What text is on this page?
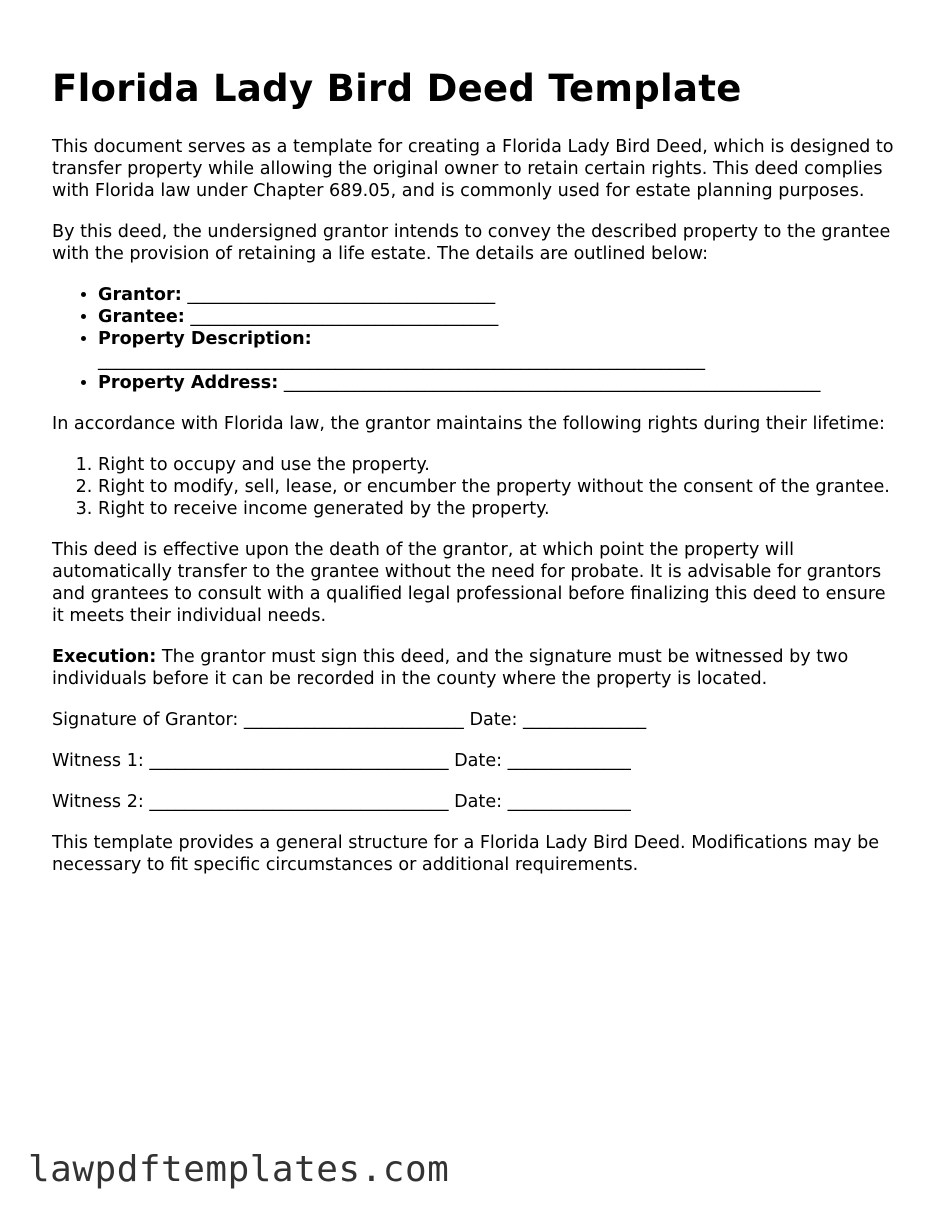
Florida Lady Bird Deed Template

This document serves as a template for creating a Florida Lady Bird Deed, which is designed to transfer property while allowing the original owner to retain certain rights. This deed complies with Florida law under Chapter 689.05, and is commonly used for estate planning purposes.

By this deed, the undersigned grantor intends to convey the described property to the grantee with the provision of retaining a life estate. The details are outlined below:

• Grantor: ___________________________________
• Grantee: ___________________________________
• Property Description:
_____________________________________________________________________
• Property Address: _____________________________________________________________

In accordance with Florida law, the grantor maintains the following rights during their lifetime:

1. Right to occupy and use the property.
2. Right to modify, sell, lease, or encumber the property without the consent of the grantee.
3. Right to receive income generated by the property.

This deed is effective upon the death of the grantor, at which point the property will automatically transfer to the grantee without the need for probate. It is advisable for grantors and grantees to consult with a qualified legal professional before finalizing this deed to ensure it meets their individual needs.

Execution: The grantor must sign this deed, and the signature must be witnessed by two individuals before it can be recorded in the county where the property is located.

Signature of Grantor: _________________________ Date: ______________

Witness 1: __________________________________ Date: ______________

Witness 2: __________________________________ Date: ______________

This template provides a general structure for a Florida Lady Bird Deed. Modifications may be necessary to fit specific circumstances or additional requirements.

lawpdftemplates.com
